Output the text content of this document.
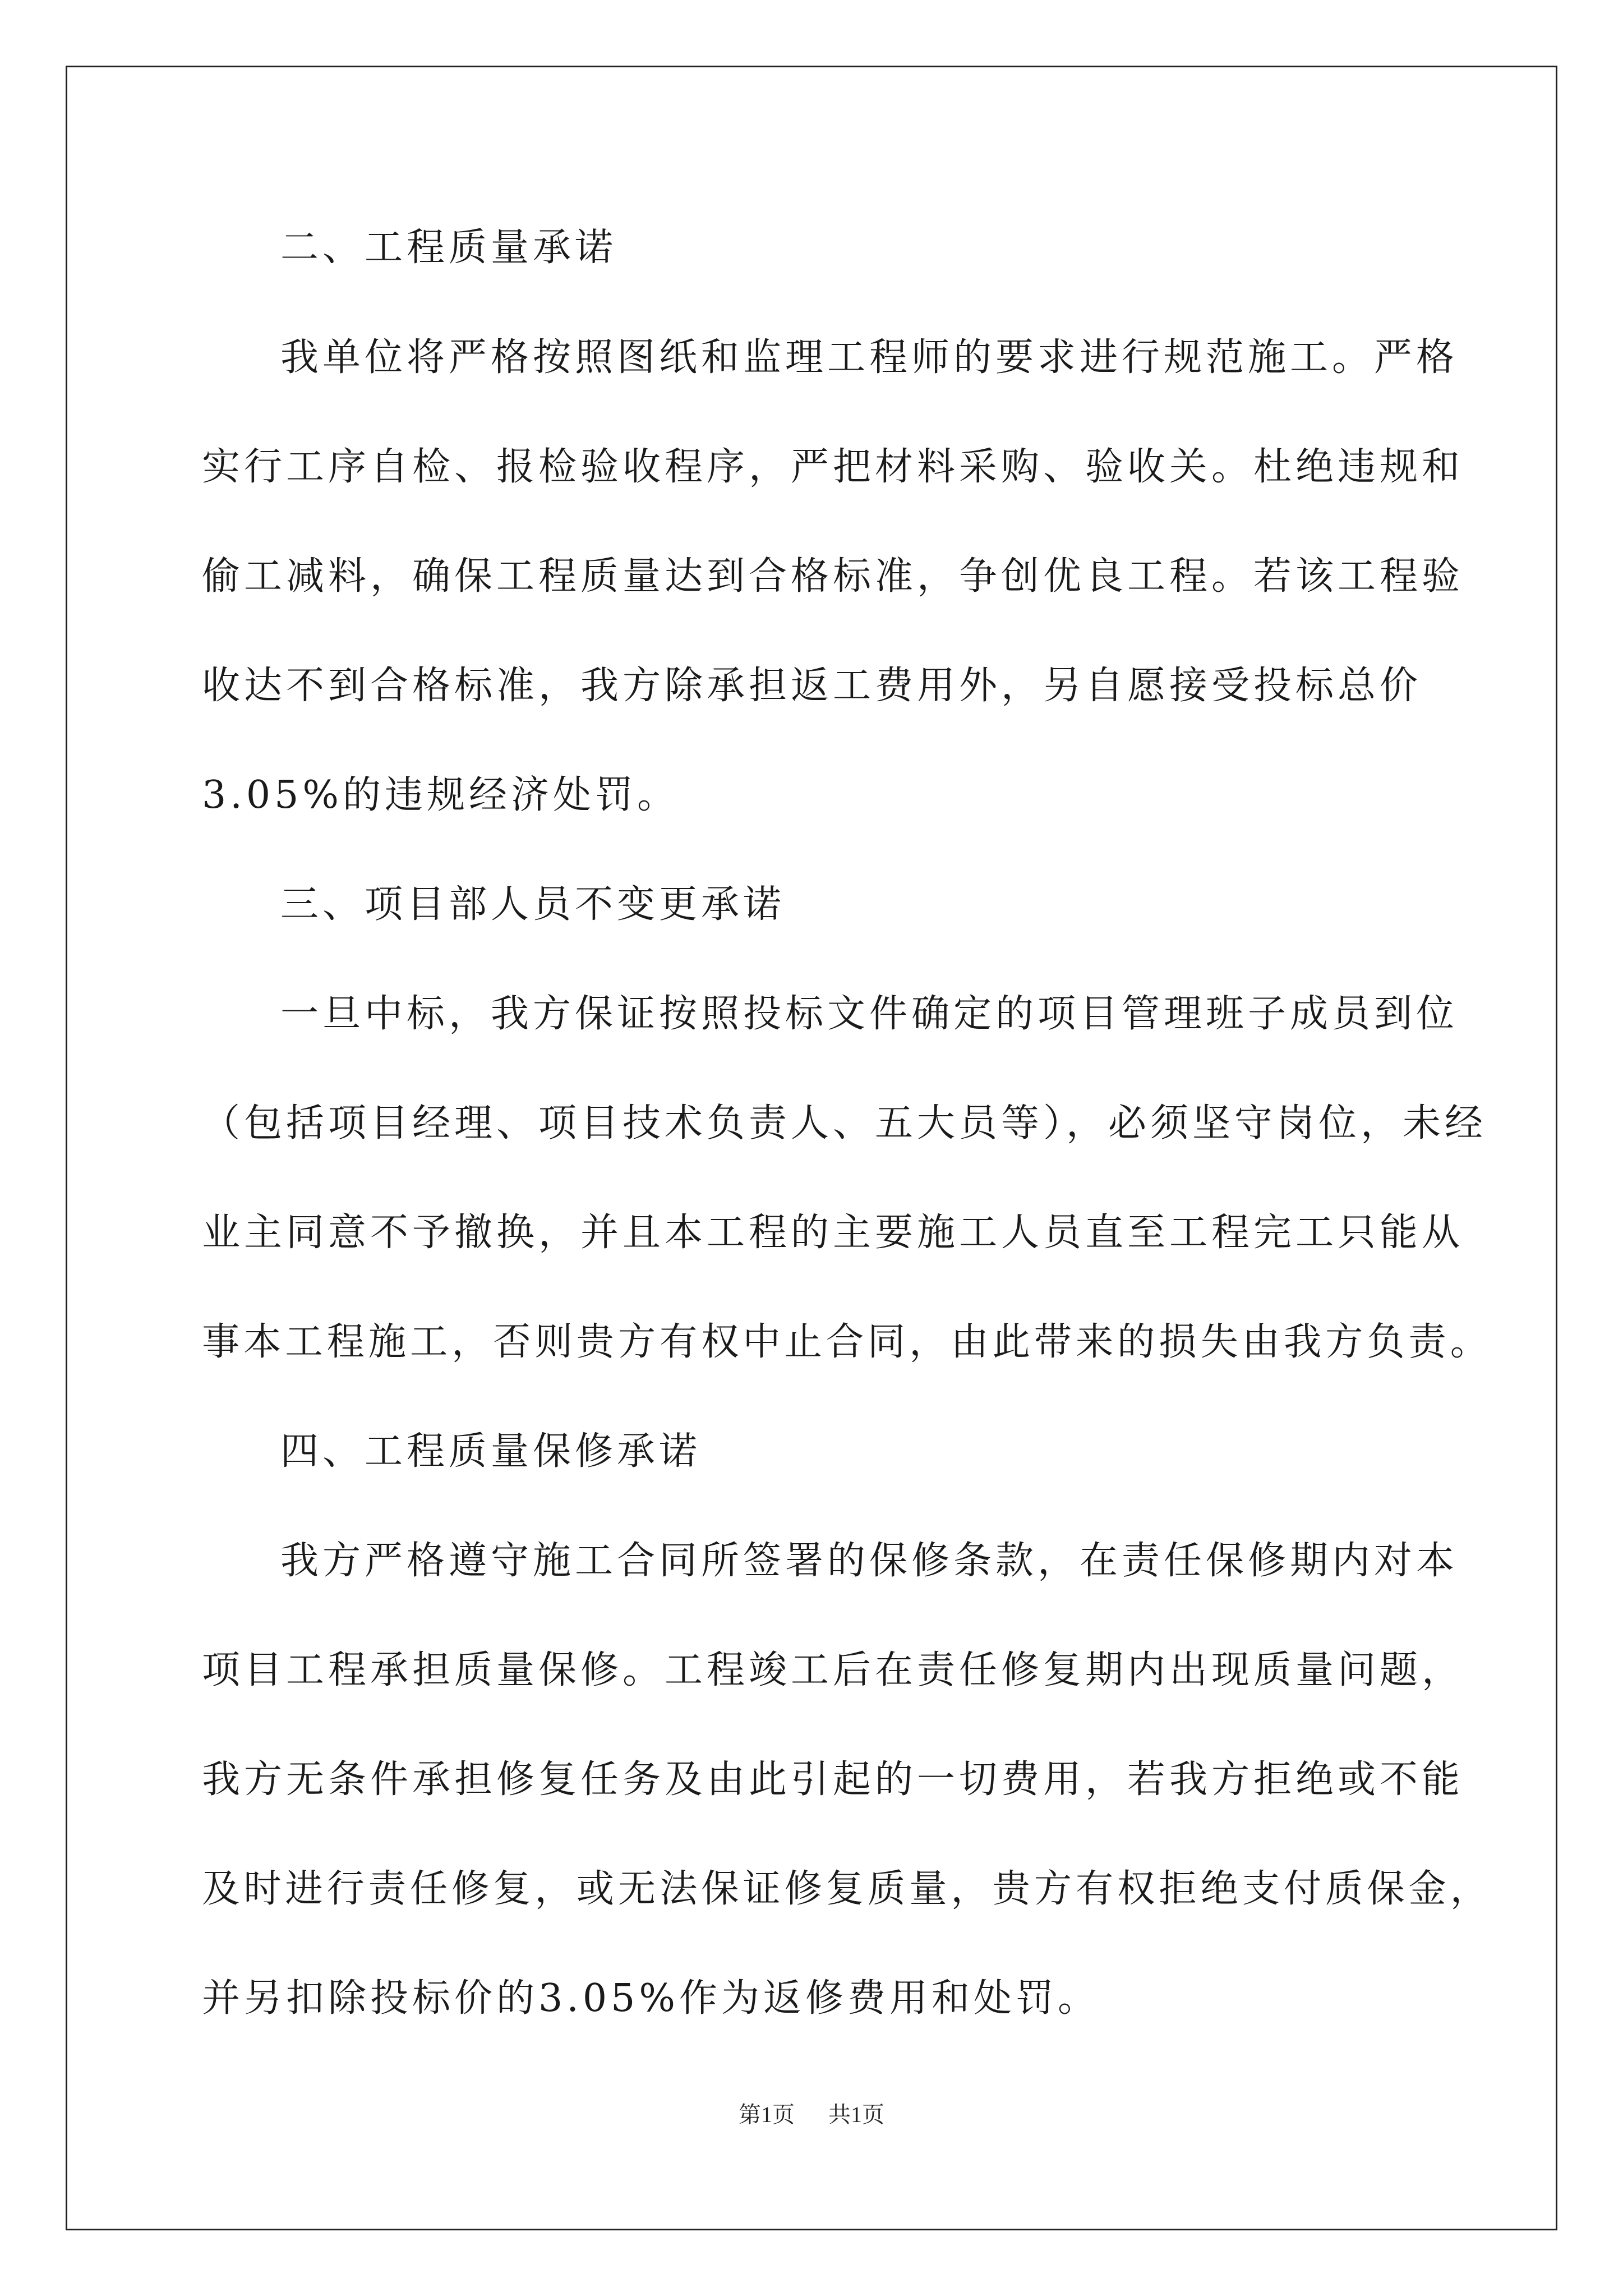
二、工程质量承诺
我单位将严格按照图纸和监理工程师的要求进行规范施工。严格
实行工序自检、报检验收程序，严把材料采购、验收关。杜绝违规和
偷工减料，确保工程质量达到合格标准，争创优良工程。若该工程验
收达不到合格标准，我方除承担返工费用外，另自愿接受投标总价
3.05%的违规经济处罚。
三、项目部人员不变更承诺
一旦中标，我方保证按照投标文件确定的项目管理班子成员到位
（包括项目经理、项目技术负责人、五大员等），必须坚守岗位，未经
业主同意不予撤换，并且本工程的主要施工人员直至工程完工只能从
事本工程施工，否则贵方有权中止合同，由此带来的损失由我方负责。
四、工程质量保修承诺
我方严格遵守施工合同所签署的保修条款，在责任保修期内对本
项目工程承担质量保修。工程竣工后在责任修复期内出现质量问题，
我方无条件承担修复任务及由此引起的一切费用，若我方拒绝或不能
及时进行责任修复，或无法保证修复质量，贵方有权拒绝支付质保金，
并另扣除投标价的3.05%作为返修费用和处罚。
第1页 共1页
